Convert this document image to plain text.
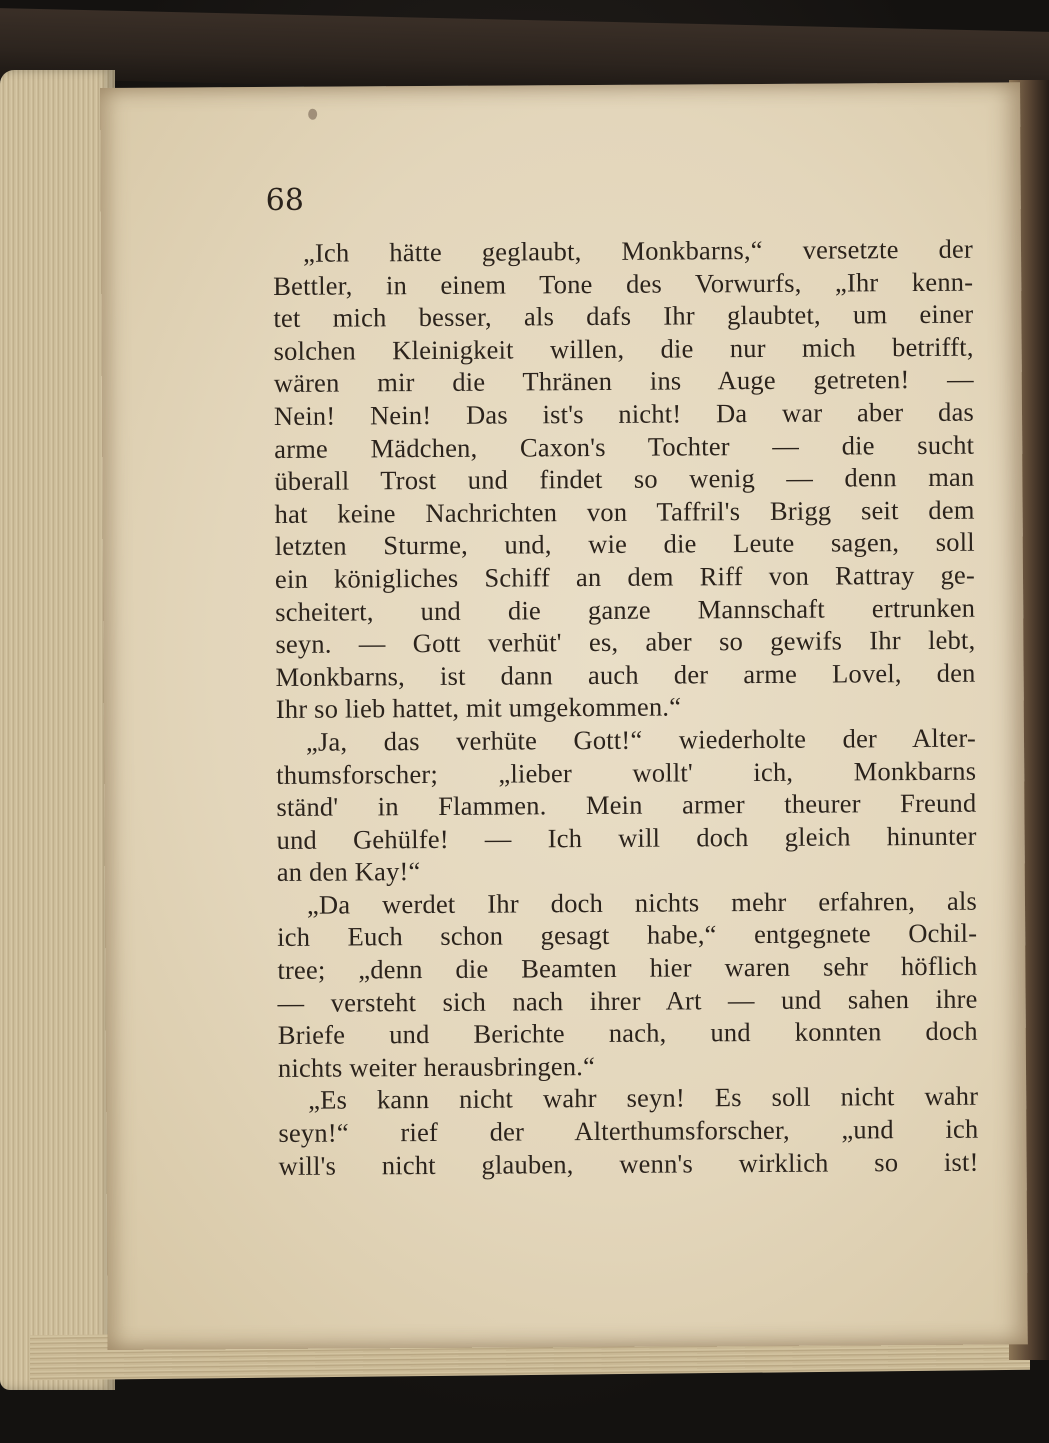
68
„Ich hätte geglaubt, Monkbarns,“ versetzte der
Bettler, in einem Tone des Vorwurfs, „Ihr kenn-
tet mich besser, als dafs Ihr glaubtet, um einer
solchen Kleinigkeit willen, die nur mich betrifft,
wären mir die Thränen ins Auge getreten! —
Nein! Nein! Das ist's nicht! Da war aber das
arme Mädchen, Caxon's Tochter — die sucht
überall Trost und findet so wenig — denn man
hat keine Nachrichten von Taffril's Brigg seit dem
letzten Sturme, und, wie die Leute sagen, soll
ein königliches Schiff an dem Riff von Rattray ge-
scheitert, und die ganze Mannschaft ertrunken
seyn. — Gott verhüt' es, aber so gewifs Ihr lebt,
Monkbarns, ist dann auch der arme Lovel, den
Ihr so lieb hattet, mit umgekommen.“
„Ja, das verhüte Gott!“ wiederholte der Alter-
thumsforscher; „lieber wollt' ich, Monkbarns
ständ' in Flammen. Mein armer theurer Freund
und Gehülfe! — Ich will doch gleich hinunter
an den Kay!“
„Da werdet Ihr doch nichts mehr erfahren, als
ich Euch schon gesagt habe,“ entgegnete Ochil-
tree; „denn die Beamten hier waren sehr höflich
— versteht sich nach ihrer Art — und sahen ihre
Briefe und Berichte nach, und konnten doch
nichts weiter herausbringen.“
„Es kann nicht wahr seyn! Es soll nicht wahr
seyn!“ rief der Alterthumsforscher, „und ich
will's nicht glauben, wenn's wirklich so ist!
